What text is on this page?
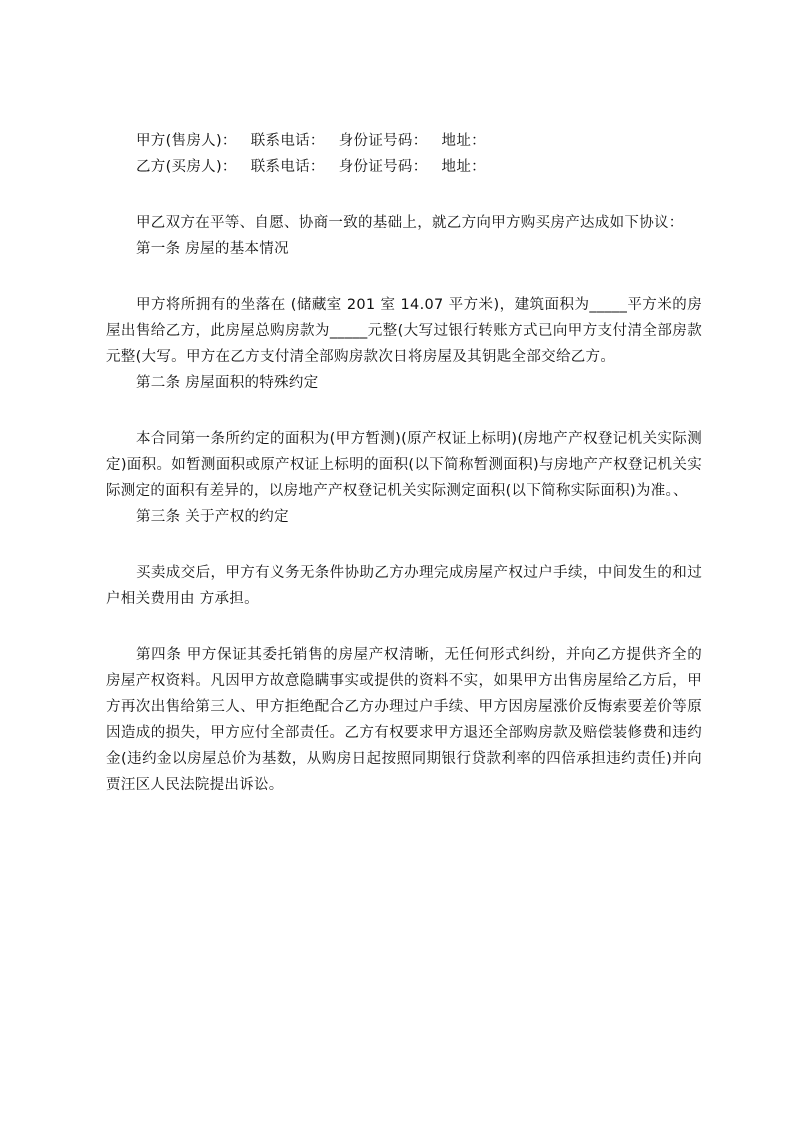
甲方(售房人)： 联系电话： 身份证号码： 地址：

乙方(买房人)： 联系电话： 身份证号码： 地址：

甲乙双方在平等、自愿、协商一致的基础上，就乙方向甲方购买房产达成如下协议：

第一条 房屋的基本情况

甲方将所拥有的坐落在 (储藏室 201 室 14.07 平方米)，建筑面积为_____平方米的房屋出售给乙方，此房屋总购房款为_____元整(大写过银行转账方式已向甲方支付清全部房款元整(大写。甲方在乙方支付清全部购房款次日将房屋及其钥匙全部交给乙方。

第二条 房屋面积的特殊约定

本合同第一条所约定的面积为(甲方暂测)(原产权证上标明)(房地产产权登记机关实际测定)面积。如暂测面积或原产权证上标明的面积(以下简称暂测面积)与房地产产权登记机关实际测定的面积有差异的，以房地产产权登记机关实际测定面积(以下简称实际面积)为准。、

第三条 关于产权的约定

买卖成交后，甲方有义务无条件协助乙方办理完成房屋产权过户手续，中间发生的和过户相关费用由 方承担。

第四条 甲方保证其委托销售的房屋产权清晰，无任何形式纠纷，并向乙方提供齐全的房屋产权资料。凡因甲方故意隐瞒事实或提供的资料不实，如果甲方出售房屋给乙方后，甲方再次出售给第三人、甲方拒绝配合乙方办理过户手续、甲方因房屋涨价反悔索要差价等原因造成的损失，甲方应付全部责任。乙方有权要求甲方退还全部购房款及赔偿装修费和违约金(违约金以房屋总价为基数，从购房日起按照同期银行贷款利率的四倍承担违约责任)并向贾汪区人民法院提出诉讼。
